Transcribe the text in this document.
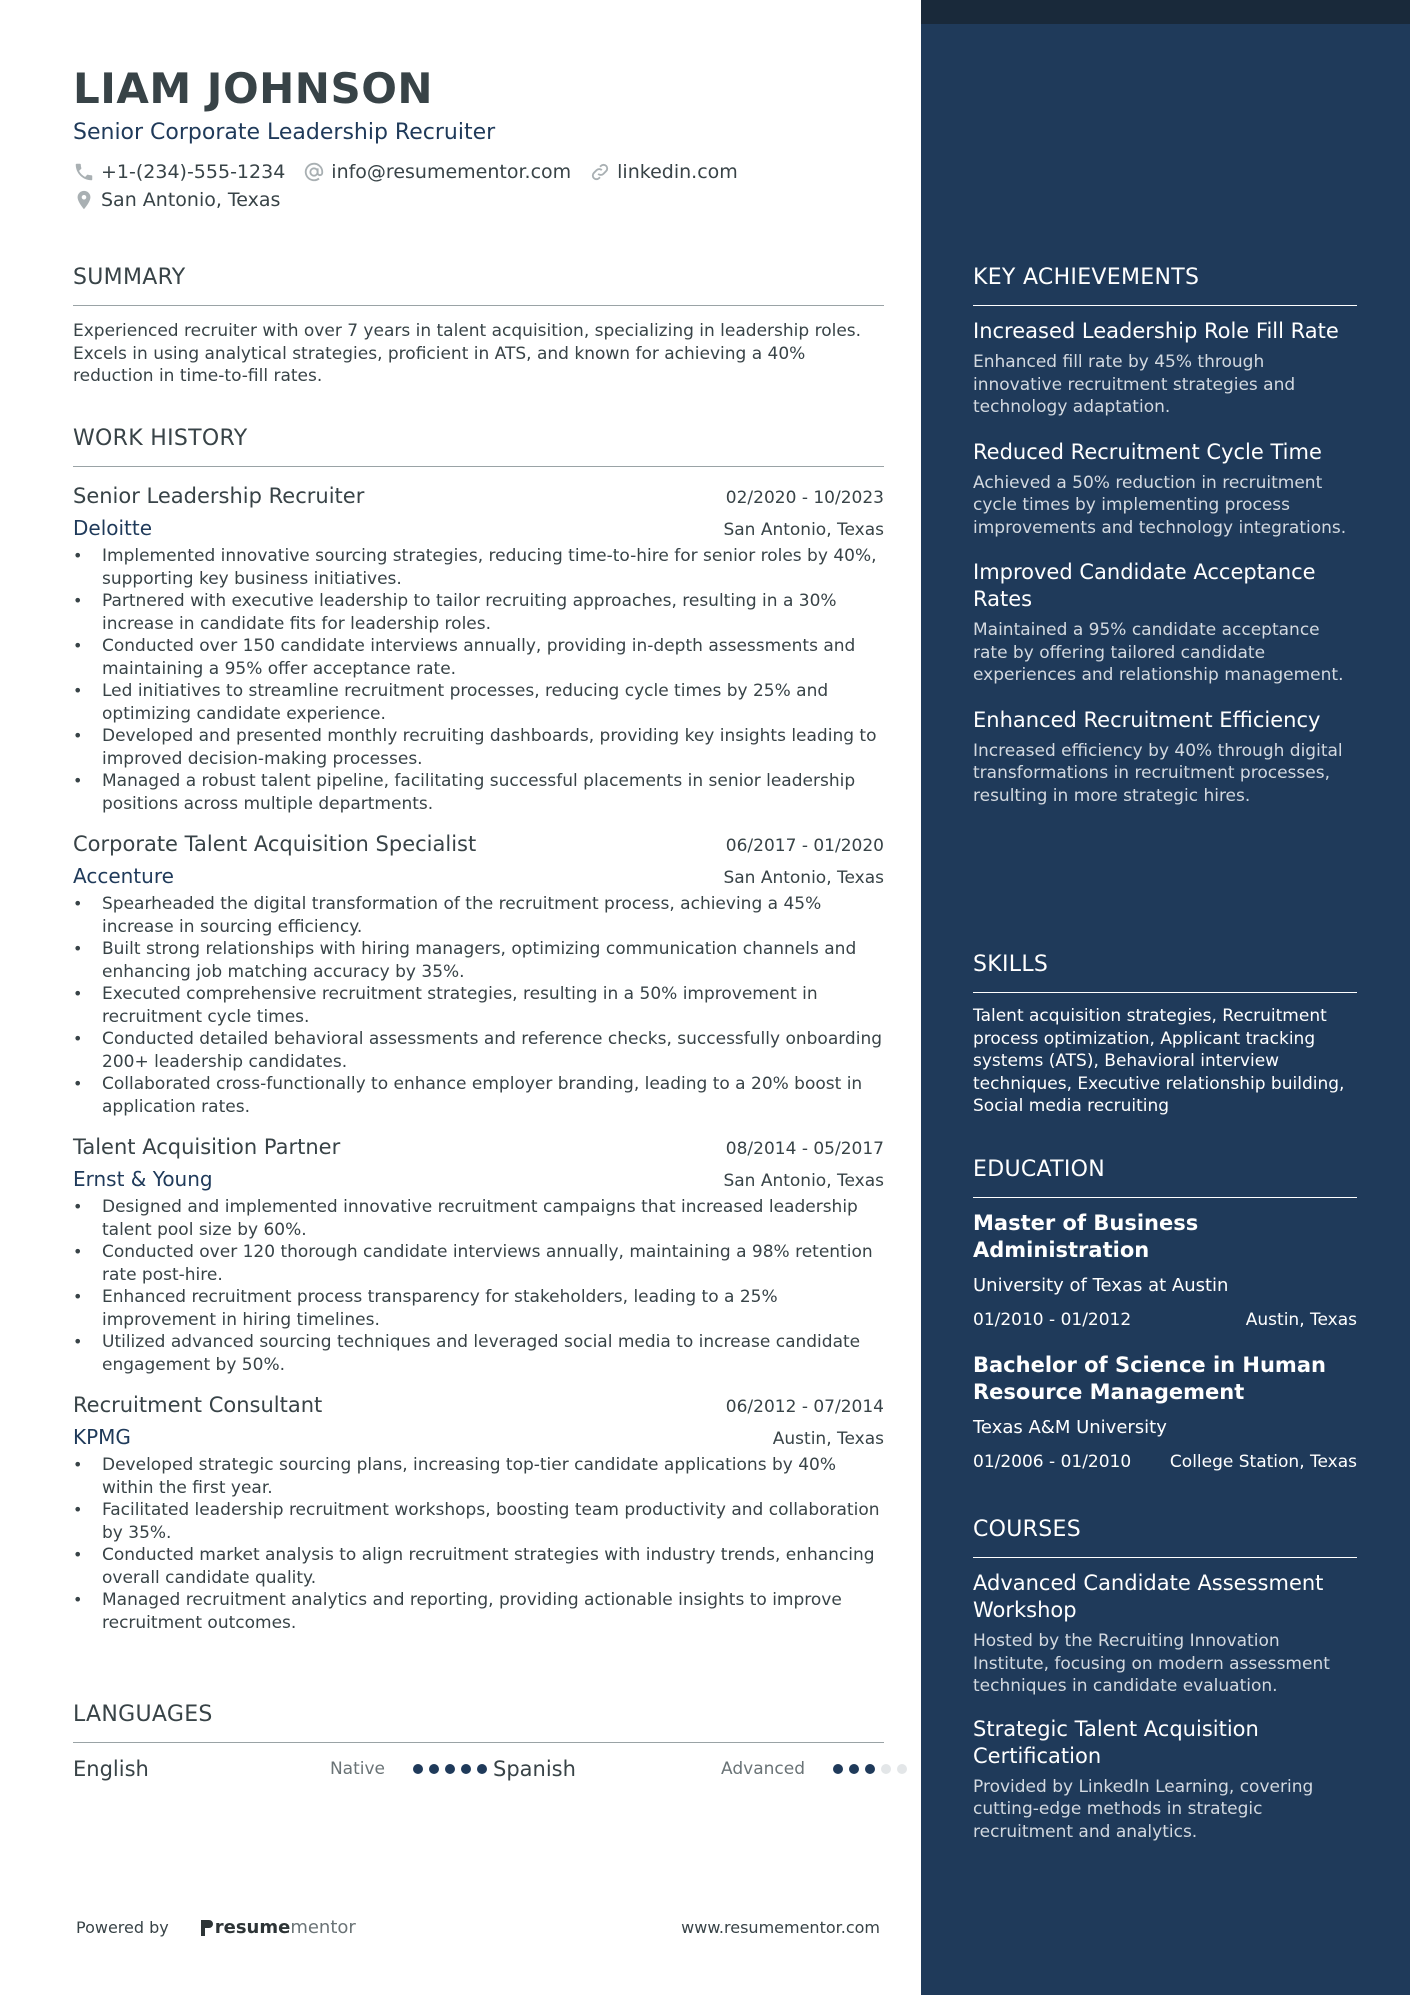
LIAM JOHNSON
Senior Corporate Leadership Recruiter
+1-(234)-555-1234 info@resumementor.com linkedin.com
San Antonio, Texas
SUMMARY
Experienced recruiter with over 7 years in talent acquisition, specializing in leadership roles. Excels in using analytical strategies, proficient in ATS, and known for achieving a 40% reduction in time-to-fill rates.
WORK HISTORY
Senior Leadership Recruiter	02/2020 - 10/2023
Deloitte	San Antonio, Texas
• Implemented innovative sourcing strategies, reducing time-to-hire for senior roles by 40%, supporting key business initiatives.
• Partnered with executive leadership to tailor recruiting approaches, resulting in a 30% increase in candidate fits for leadership roles.
• Conducted over 150 candidate interviews annually, providing in-depth assessments and maintaining a 95% offer acceptance rate.
• Led initiatives to streamline recruitment processes, reducing cycle times by 25% and optimizing candidate experience.
• Developed and presented monthly recruiting dashboards, providing key insights leading to improved decision-making processes.
• Managed a robust talent pipeline, facilitating successful placements in senior leadership positions across multiple departments.
Corporate Talent Acquisition Specialist	06/2017 - 01/2020
Accenture	San Antonio, Texas
• Spearheaded the digital transformation of the recruitment process, achieving a 45% increase in sourcing efficiency.
• Built strong relationships with hiring managers, optimizing communication channels and enhancing job matching accuracy by 35%.
• Executed comprehensive recruitment strategies, resulting in a 50% improvement in recruitment cycle times.
• Conducted detailed behavioral assessments and reference checks, successfully onboarding 200+ leadership candidates.
• Collaborated cross-functionally to enhance employer branding, leading to a 20% boost in application rates.
Talent Acquisition Partner	08/2014 - 05/2017
Ernst & Young	San Antonio, Texas
• Designed and implemented innovative recruitment campaigns that increased leadership talent pool size by 60%.
• Conducted over 120 thorough candidate interviews annually, maintaining a 98% retention rate post-hire.
• Enhanced recruitment process transparency for stakeholders, leading to a 25% improvement in hiring timelines.
• Utilized advanced sourcing techniques and leveraged social media to increase candidate engagement by 50%.
Recruitment Consultant	06/2012 - 07/2014
KPMG	Austin, Texas
• Developed strategic sourcing plans, increasing top-tier candidate applications by 40% within the first year.
• Facilitated leadership recruitment workshops, boosting team productivity and collaboration by 35%.
• Conducted market analysis to align recruitment strategies with industry trends, enhancing overall candidate quality.
• Managed recruitment analytics and reporting, providing actionable insights to improve recruitment outcomes.
LANGUAGES
English	Native	Spanish	Advanced
Powered by	resume mentor	www.resumementor.com
KEY ACHIEVEMENTS
Increased Leadership Role Fill Rate
Enhanced fill rate by 45% through innovative recruitment strategies and technology adaptation.
Reduced Recruitment Cycle Time
Achieved a 50% reduction in recruitment cycle times by implementing process improvements and technology integrations.
Improved Candidate Acceptance Rates
Maintained a 95% candidate acceptance rate by offering tailored candidate experiences and relationship management.
Enhanced Recruitment Efficiency
Increased efficiency by 40% through digital transformations in recruitment processes, resulting in more strategic hires.
SKILLS
Talent acquisition strategies, Recruitment process optimization, Applicant tracking systems (ATS), Behavioral interview techniques, Executive relationship building, Social media recruiting
EDUCATION
Master of Business Administration
University of Texas at Austin
01/2010 - 01/2012	Austin, Texas
Bachelor of Science in Human Resource Management
Texas A&M University
01/2006 - 01/2010 College Station, Texas
COURSES
Advanced Candidate Assessment Workshop
Hosted by the Recruiting Innovation Institute, focusing on modern assessment techniques in candidate evaluation.
Strategic Talent Acquisition Certification
Provided by LinkedIn Learning, covering cutting-edge methods in strategic recruitment and analytics.
